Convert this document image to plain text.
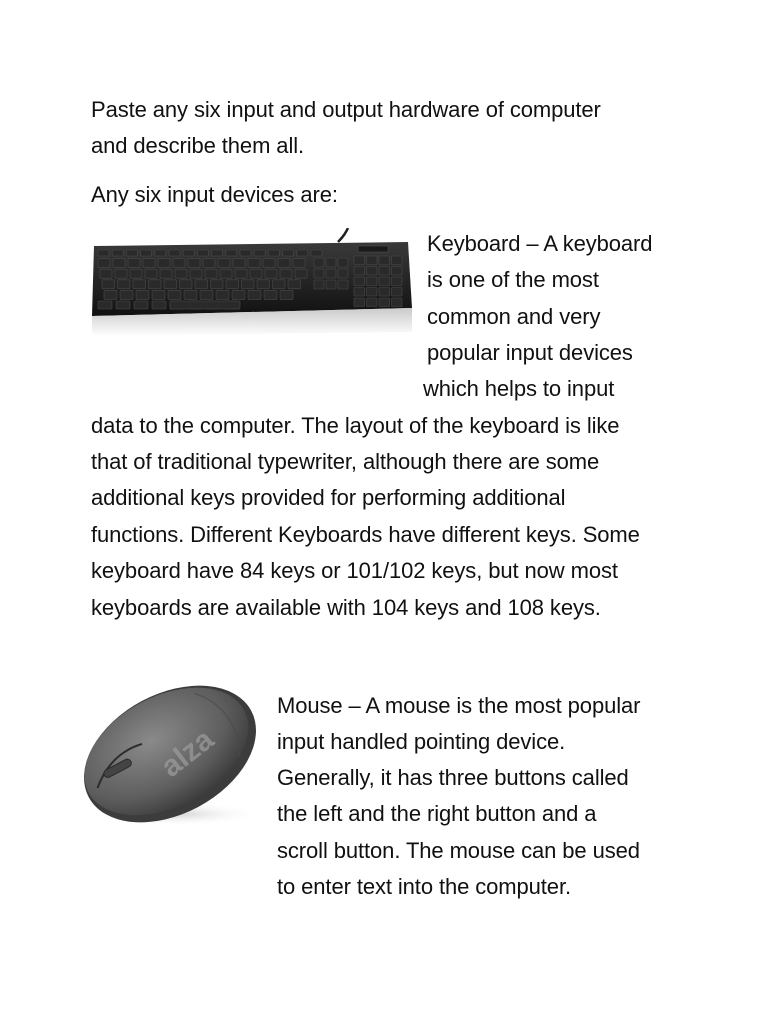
Paste any six input and output hardware of computer

and describe them all.

Any six input devices are:

Keyboard – A keyboard

is one of the most

common and very

popular input devices

which helps to input

data to the computer. The layout of the keyboard is like

that of traditional typewriter, although there are some

additional keys provided for performing additional

functions. Different Keyboards have different keys. Some

keyboard have 84 keys or 101/102 keys, but now most

keyboards are available with 104 keys and 108 keys.

alza

Mouse – A mouse is the most popular

input handled pointing device.

Generally, it has three buttons called

the left and the right button and a

scroll button. The mouse can be used

to enter text into the computer.
